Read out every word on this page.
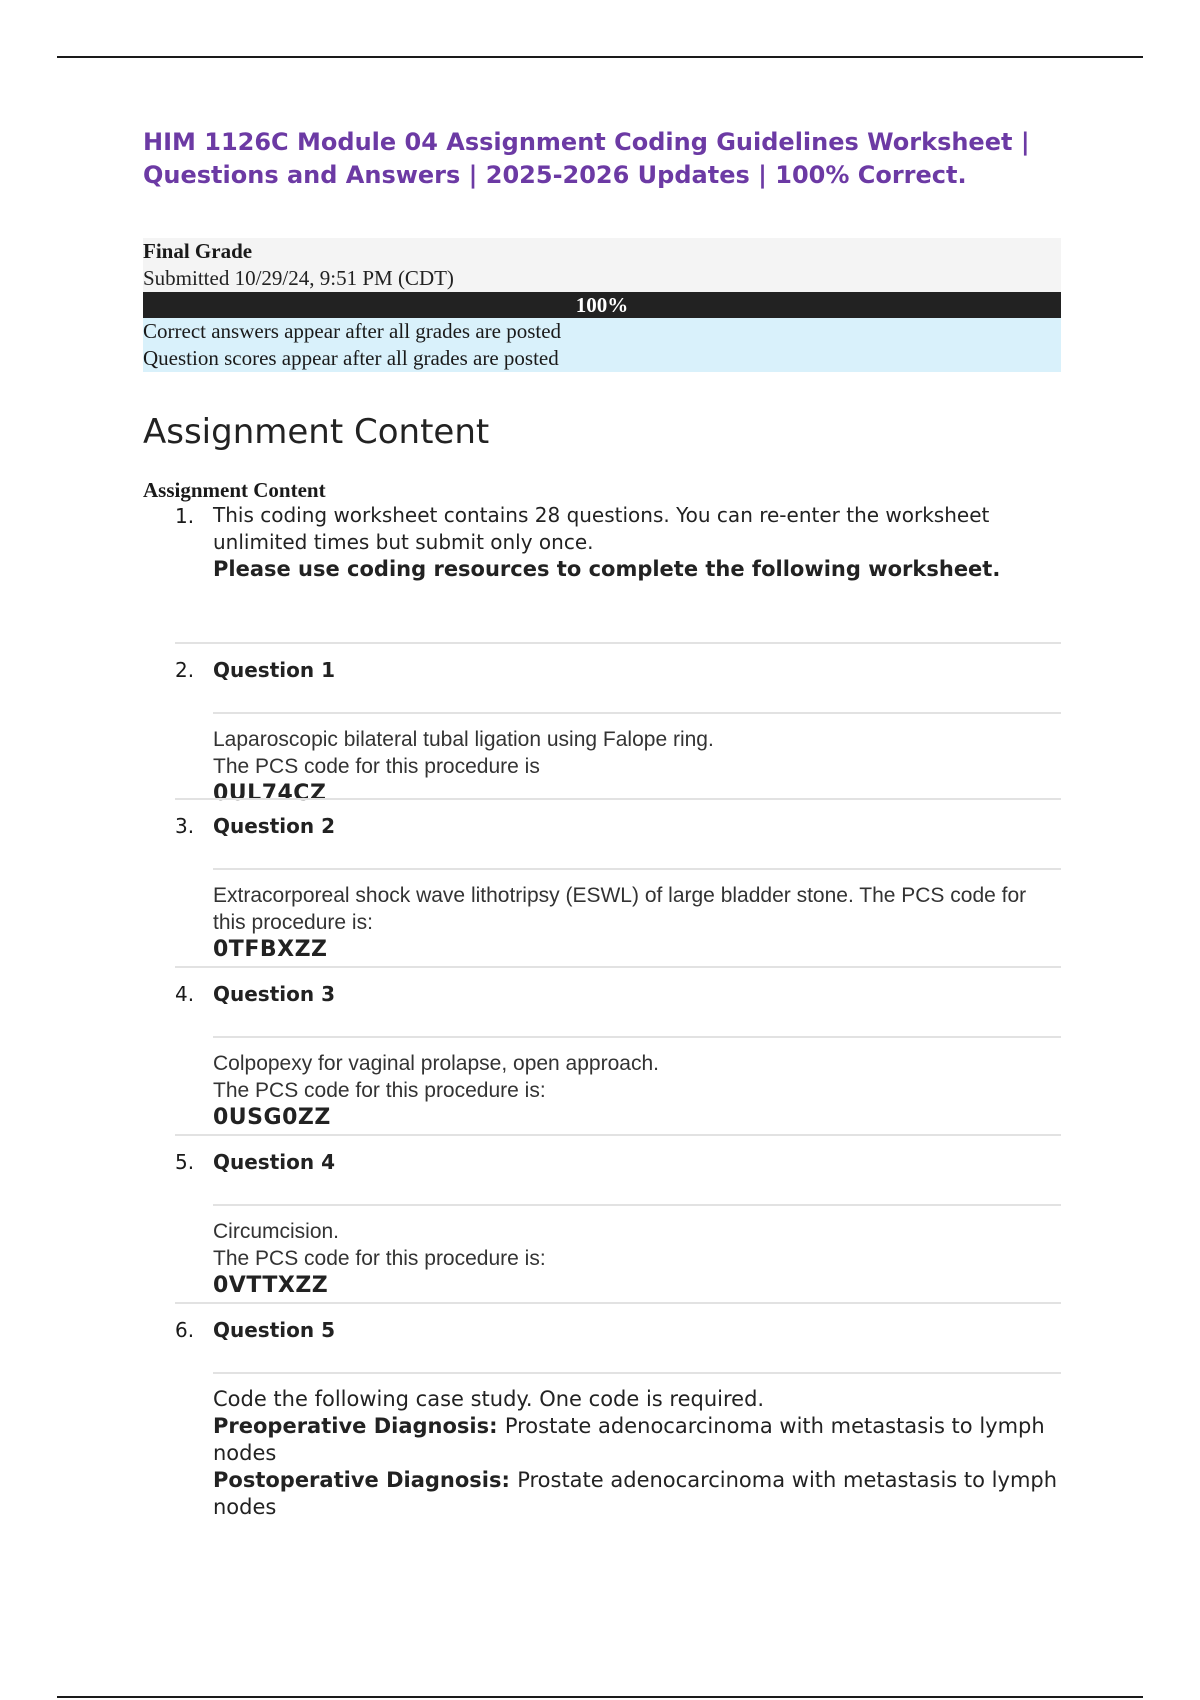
HIM 1126C Module 04 Assignment Coding Guidelines Worksheet |
Questions and Answers | 2025-2026 Updates | 100% Correct.
Final Grade
Submitted 10/29/24, 9:51 PM (CDT)
100%
Correct answers appear after all grades are posted
Question scores appear after all grades are posted
Assignment Content
Assignment Content
1. This coding worksheet contains 28 questions. You can re-enter the worksheet unlimited times but submit only once.
Please use coding resources to complete the following worksheet.
2. Question 1
Laparoscopic bilateral tubal ligation using Falope ring.
The PCS code for this procedure is
0UL74CZ
3. Question 2
Extracorporeal shock wave lithotripsy (ESWL) of large bladder stone. The PCS code for this procedure is:
0TFBXZZ
4. Question 3
Colpopexy for vaginal prolapse, open approach.
The PCS code for this procedure is:
0USG0ZZ
5. Question 4
Circumcision.
The PCS code for this procedure is:
0VTTXZZ
6. Question 5
Code the following case study. One code is required.
Preoperative Diagnosis: Prostate adenocarcinoma with metastasis to lymph nodes
Postoperative Diagnosis: Prostate adenocarcinoma with metastasis to lymph nodes
